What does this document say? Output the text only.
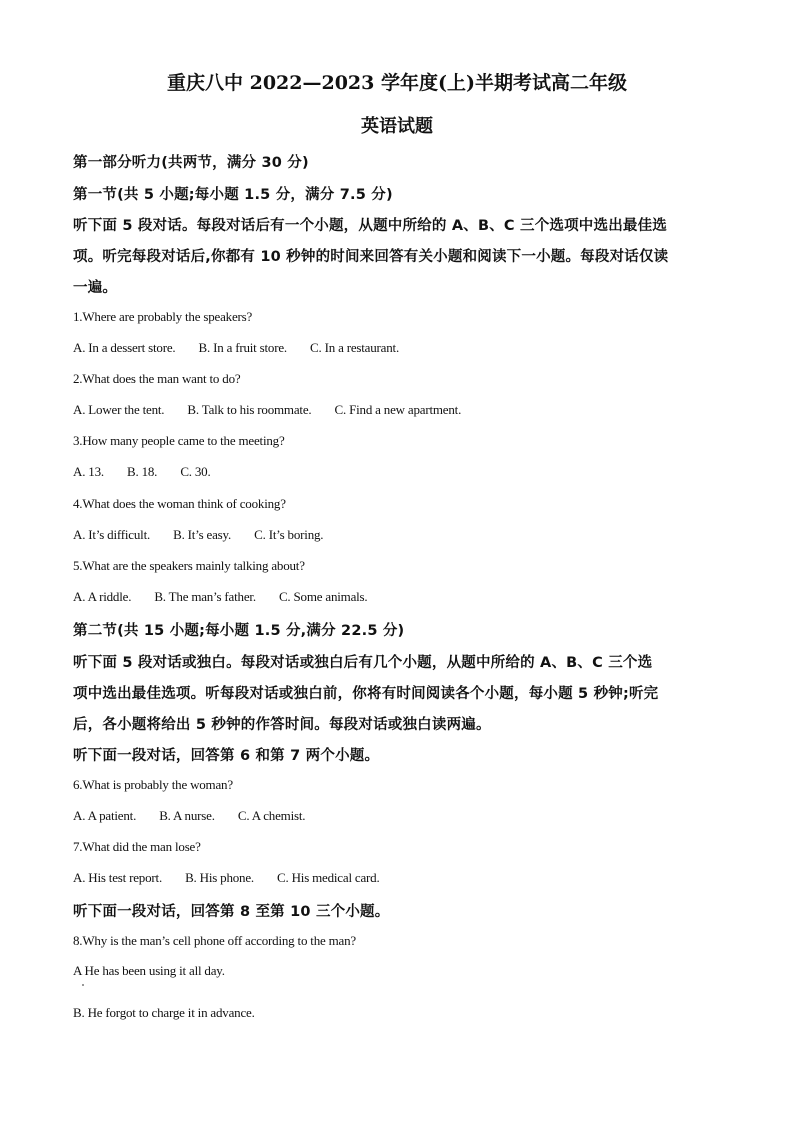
重庆八中 2022—2023 学年度(上)半期考试高二年级
英语试题
第一部分听力(共两节，满分 30 分)
第一节(共 5 小题;每小题 1.5 分，满分 7.5 分)
听下面 5 段对话。每段对话后有一个小题，从题中所给的 A、B、C 三个选项中选出最佳选
项。听完每段对话后,你都有 10 秒钟的时间来回答有关小题和阅读下一小题。每段对话仅读
一遍。
1.Where are probably the speakers?
A. In a dessert store. B. In a fruit store. C. In a restaurant.
2.What does the man want to do?
A. Lower the tent. B. Talk to his roommate. C. Find a new apartment.
3.How many people came to the meeting?
A. 13. B. 18. C. 30.
4.What does the woman think of cooking?
A. It’s difficult. B. It’s easy. C. It’s boring.
5.What are the speakers mainly talking about?
A. A riddle. B. The man’s father. C. Some animals.
第二节(共 15 小题;每小题 1.5 分,满分 22.5 分)
听下面 5 段对话或独白。每段对话或独白后有几个小题，从题中所给的 A、B、C 三个选
项中选出最佳选项。听每段对话或独白前，你将有时间阅读各个小题，每小题 5 秒钟;听完
后，各小题将给出 5 秒钟的作答时间。每段对话或独白读两遍。
听下面一段对话，回答第 6 和第 7 两个小题。
6.What is probably the woman?
A. A patient. B. A nurse. C. A chemist.
7.What did the man lose?
A. His test report. B. His phone. C. His medical card.
听下面一段对话，回答第 8 至第 10 三个小题。
8.Why is the man’s cell phone off according to the man?
A He has been using it all day.
B. He forgot to charge it in advance.
